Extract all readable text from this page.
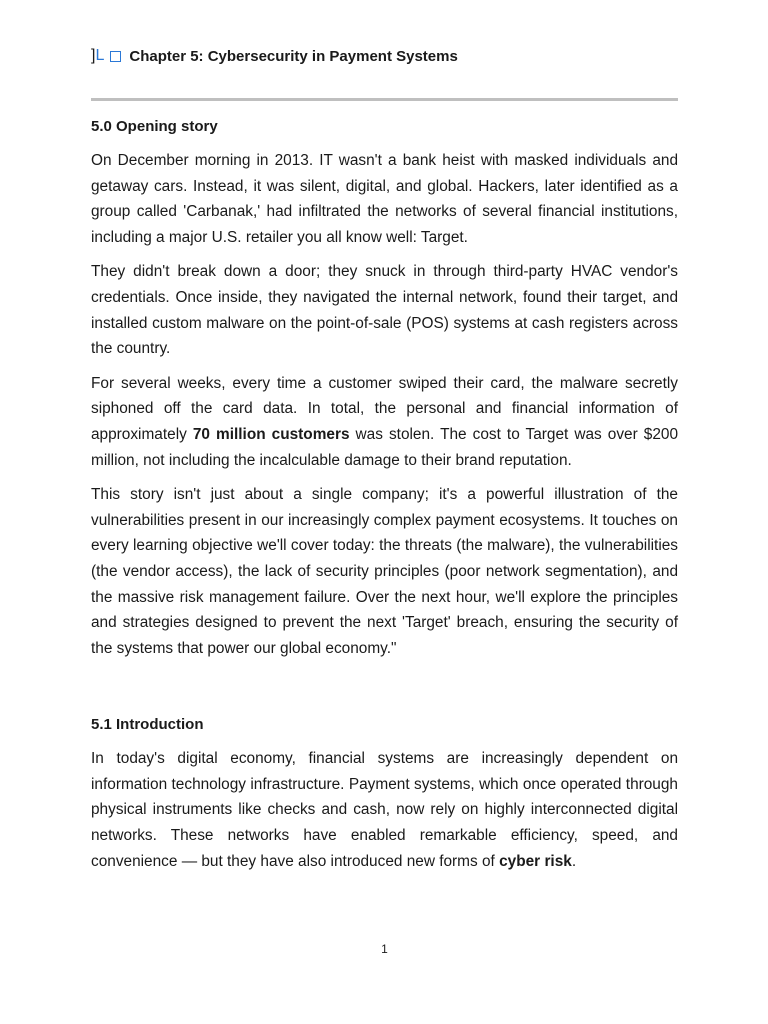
] L Chapter 5: Cybersecurity in Payment Systems
5.0 Opening story

On December morning in 2013. IT wasn't a bank heist with masked individuals and getaway cars. Instead, it was silent, digital, and global. Hackers, later identified as a group called 'Carbanak,' had infiltrated the networks of several financial institutions, including a major U.S. retailer you all know well: Target.

They didn't break down a door; they snuck in through third-party HVAC vendor's credentials. Once inside, they navigated the internal network, found their target, and installed custom malware on the point-of-sale (POS) systems at cash registers across the country.

For several weeks, every time a customer swiped their card, the malware secretly siphoned off the card data. In total, the personal and financial information of approximately 70 million customers was stolen. The cost to Target was over $200 million, not including the incalculable damage to their brand reputation.

This story isn't just about a single company; it's a powerful illustration of the vulnerabilities present in our increasingly complex payment ecosystems. It touches on every learning objective we'll cover today: the threats (the malware), the vulnerabilities (the vendor access), the lack of security principles (poor network segmentation), and the massive risk management failure. Over the next hour, we'll explore the principles and strategies designed to prevent the next 'Target' breach, ensuring the security of the systems that power our global economy."

5.1 Introduction

In today's digital economy, financial systems are increasingly dependent on information technology infrastructure. Payment systems, which once operated through physical instruments like checks and cash, now rely on highly interconnected digital networks. These networks have enabled remarkable efficiency, speed, and convenience — but they have also introduced new forms of cyber risk.

1
